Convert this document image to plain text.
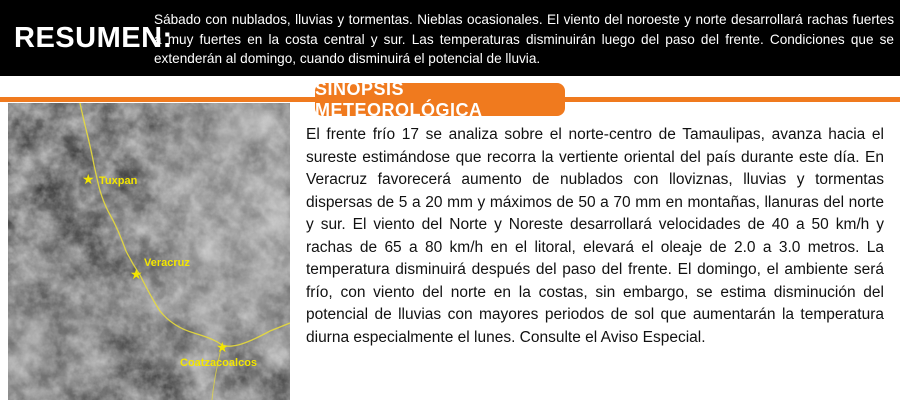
RESUMEN:
Sábado con nublados, lluvias y tormentas. Nieblas ocasionales. El viento del noroeste y norte desarrollará rachas fuertes a muy fuertes en la costa central y sur. Las temperaturas disminuirán luego del paso del frente. Condiciones que se extenderán al domingo, cuando disminuirá el potencial de lluvia.
SINOPSIS METEOROLÓGICA
★ Tuxpan
★
Veracruz
★
Coatzacoalcos

El frente frío 17 se analiza sobre el norte-centro de Tamaulipas, avanza hacia el sureste estimándose que recorra la vertiente oriental del país durante este día. En Veracruz favorecerá aumento de nublados con lloviznas, lluvias y tormentas dispersas de 5 a 20 mm y máximos de 50 a 70 mm en montañas, llanuras del norte y sur. El viento del Norte y Noreste desarrollará velocidades de 40 a 50 km/h y rachas de 65 a 80 km/h en el litoral, elevará el oleaje de 2.0 a 3.0 metros. La temperatura disminuirá después del paso del frente. El domingo, el ambiente será frío, con viento del norte en la costas, sin embargo, se estima disminución del potencial de lluvias con mayores periodos de sol que aumentarán la temperatura diurna especialmente el lunes. Consulte el Aviso Especial.
